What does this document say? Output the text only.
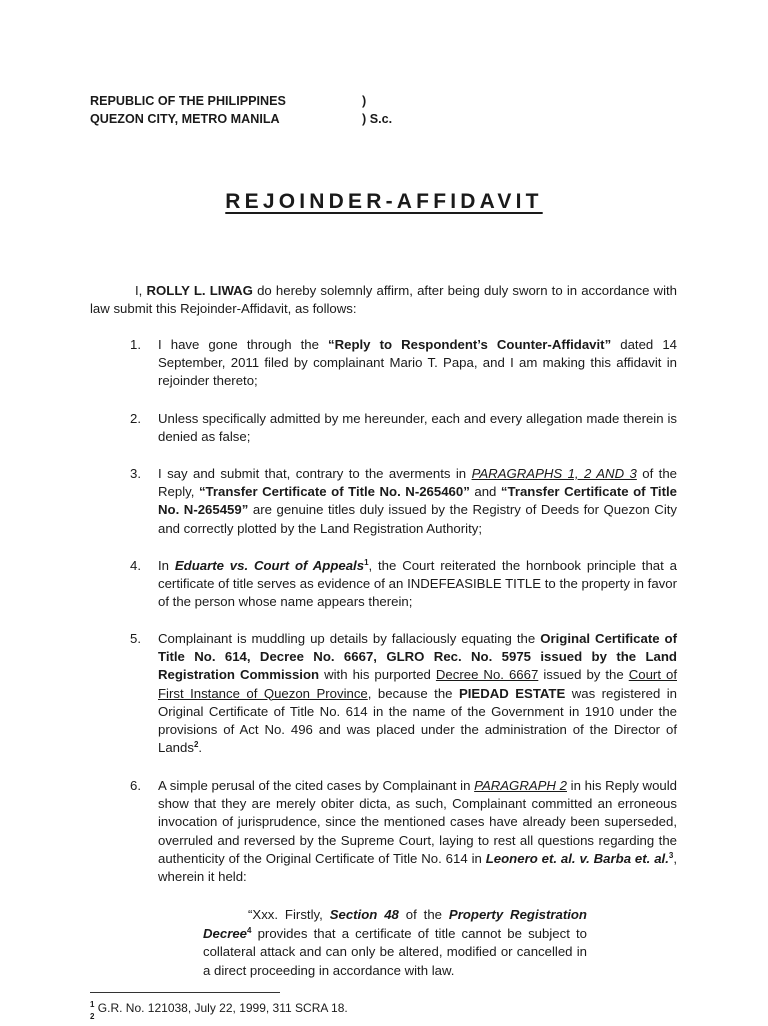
REPUBLIC OF THE PHILIPPINES	)
QUEZON CITY, METRO MANILA	) S.c.
REJOINDER-AFFIDAVIT
I, ROLLY L. LIWAG do hereby solemnly affirm, after being duly sworn to in accordance with law submit this Rejoinder-Affidavit, as follows:
1. I have gone through the “Reply to Respondent’s Counter-Affidavit” dated 14 September, 2011 filed by complainant Mario T. Papa, and I am making this affidavit in rejoinder thereto;
2. Unless specifically admitted by me hereunder, each and every allegation made therein is denied as false;
3. I say and submit that, contrary to the averments in PARAGRAPHS 1, 2 AND 3 of the Reply, “Transfer Certificate of Title No. N-265460” and “Transfer Certificate of Title No. N-265459” are genuine titles duly issued by the Registry of Deeds for Quezon City and correctly plotted by the Land Registration Authority;
4. In Eduarte vs. Court of Appeals$^1$, the Court reiterated the hornbook principle that a certificate of title serves as evidence of an INDEFEASIBLE TITLE to the property in favor of the person whose name appears therein;
5. Complainant is muddling up details by fallaciously equating the Original Certificate of Title No. 614, Decree No. 6667, GLRO Rec. No. 5975 issued by the Land Registration Commission with his purported Decree No. 6667 issued by the Court of First Instance of Quezon Province, because the PIEDAD ESTATE was registered in Original Certificate of Title No. 614 in the name of the Government in 1910 under the provisions of Act No. 496 and was placed under the administration of the Director of Lands$^2$.
6. A simple perusal of the cited cases by Complainant in PARAGRAPH 2 in his Reply would show that they are merely obiter dicta, as such, Complainant committed an erroneous invocation of jurisprudence, since the mentioned cases have already been superseded, overruled and reversed by the Supreme Court, laying to rest all questions regarding the authenticity of the Original Certificate of Title No. 614 in Leonero et. al. v. Barba et. al.$^3$, wherein it held:
“Xxx. Firstly, Section 48 of the Property Registration Decree$^4$ provides that a certificate of title cannot be subject to collateral attack and can only be altered, modified or cancelled in a direct proceeding in accordance with law.
$^1$ G.R. No. 121038, July 22, 1999, 311 SCRA 18.
$^2$
